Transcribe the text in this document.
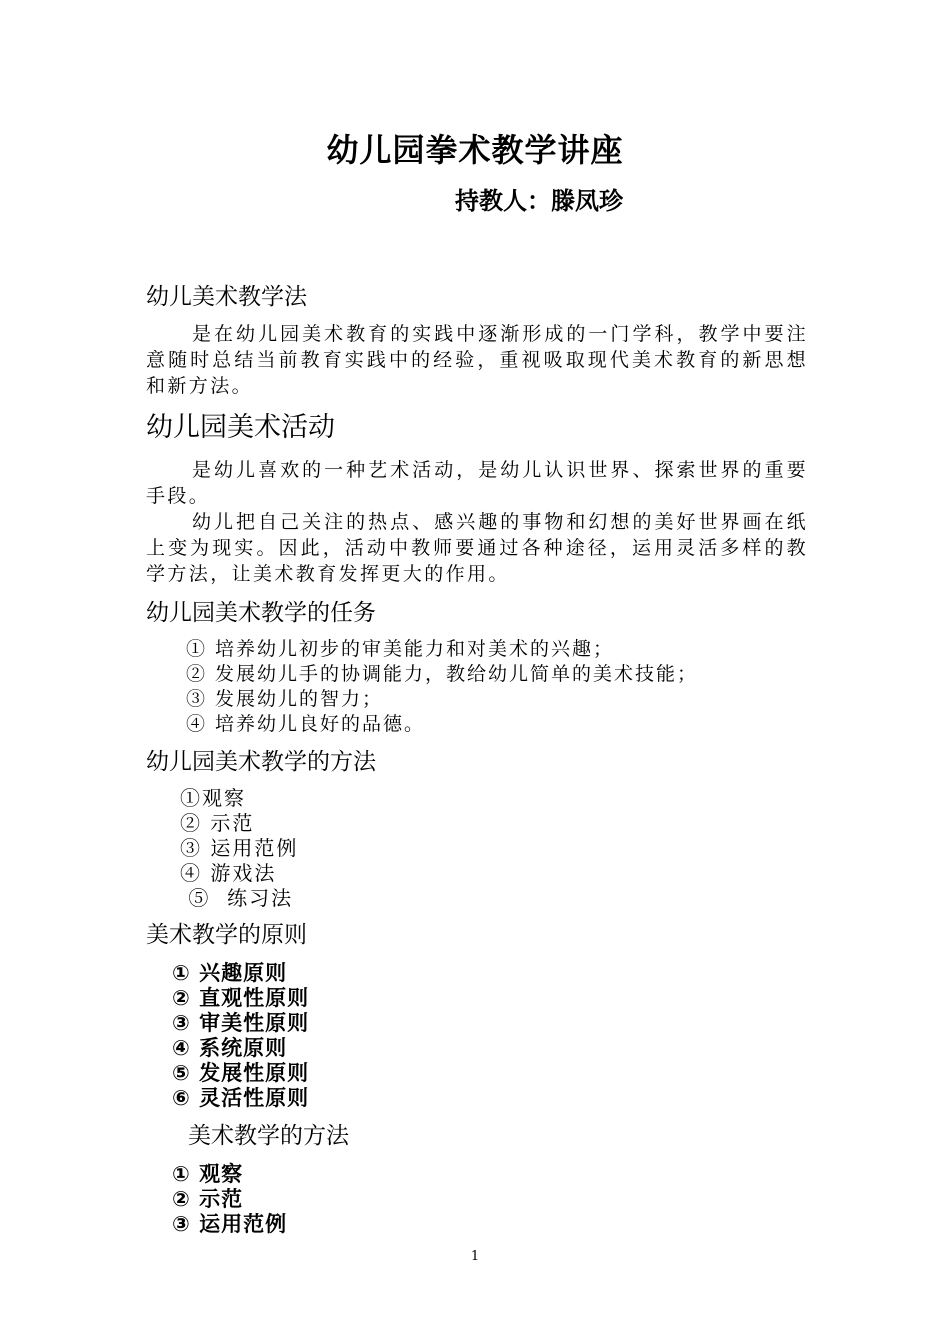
幼儿园拳术教学讲座
持教人：滕凤珍

幼儿美术教学法

是在幼儿园美术教育的实践中逐渐形成的一门学科，教学中要注意随时总结当前教育实践中的经验，重视吸取现代美术教育的新思想和新方法。

幼儿园美术活动

是幼儿喜欢的一种艺术活动，是幼儿认识世界、探索世界的重要手段。

幼儿把自己关注的热点、感兴趣的事物和幻想的美好世界画在纸上变为现实。因此，活动中教师要通过各种途径，运用灵活多样的教学方法，让美术教育发挥更大的作用。

幼儿园美术教学的任务

① 培养幼儿初步的审美能力和对美术的兴趣；
② 发展幼儿手的协调能力，教给幼儿简单的美术技能；
③ 发展幼儿的智力；
④ 培养幼儿良好的品德。

幼儿园美术教学的方法

①观察
② 示范
③ 运用范例
④ 游戏法
⑤  练习法

美术教学的原则

① 兴趣原则
② 直观性原则
③ 审美性原则
④ 系统原则
⑤ 发展性原则
⑥ 灵活性原则

美术教学的方法

① 观察
② 示范
③ 运用范例
1
